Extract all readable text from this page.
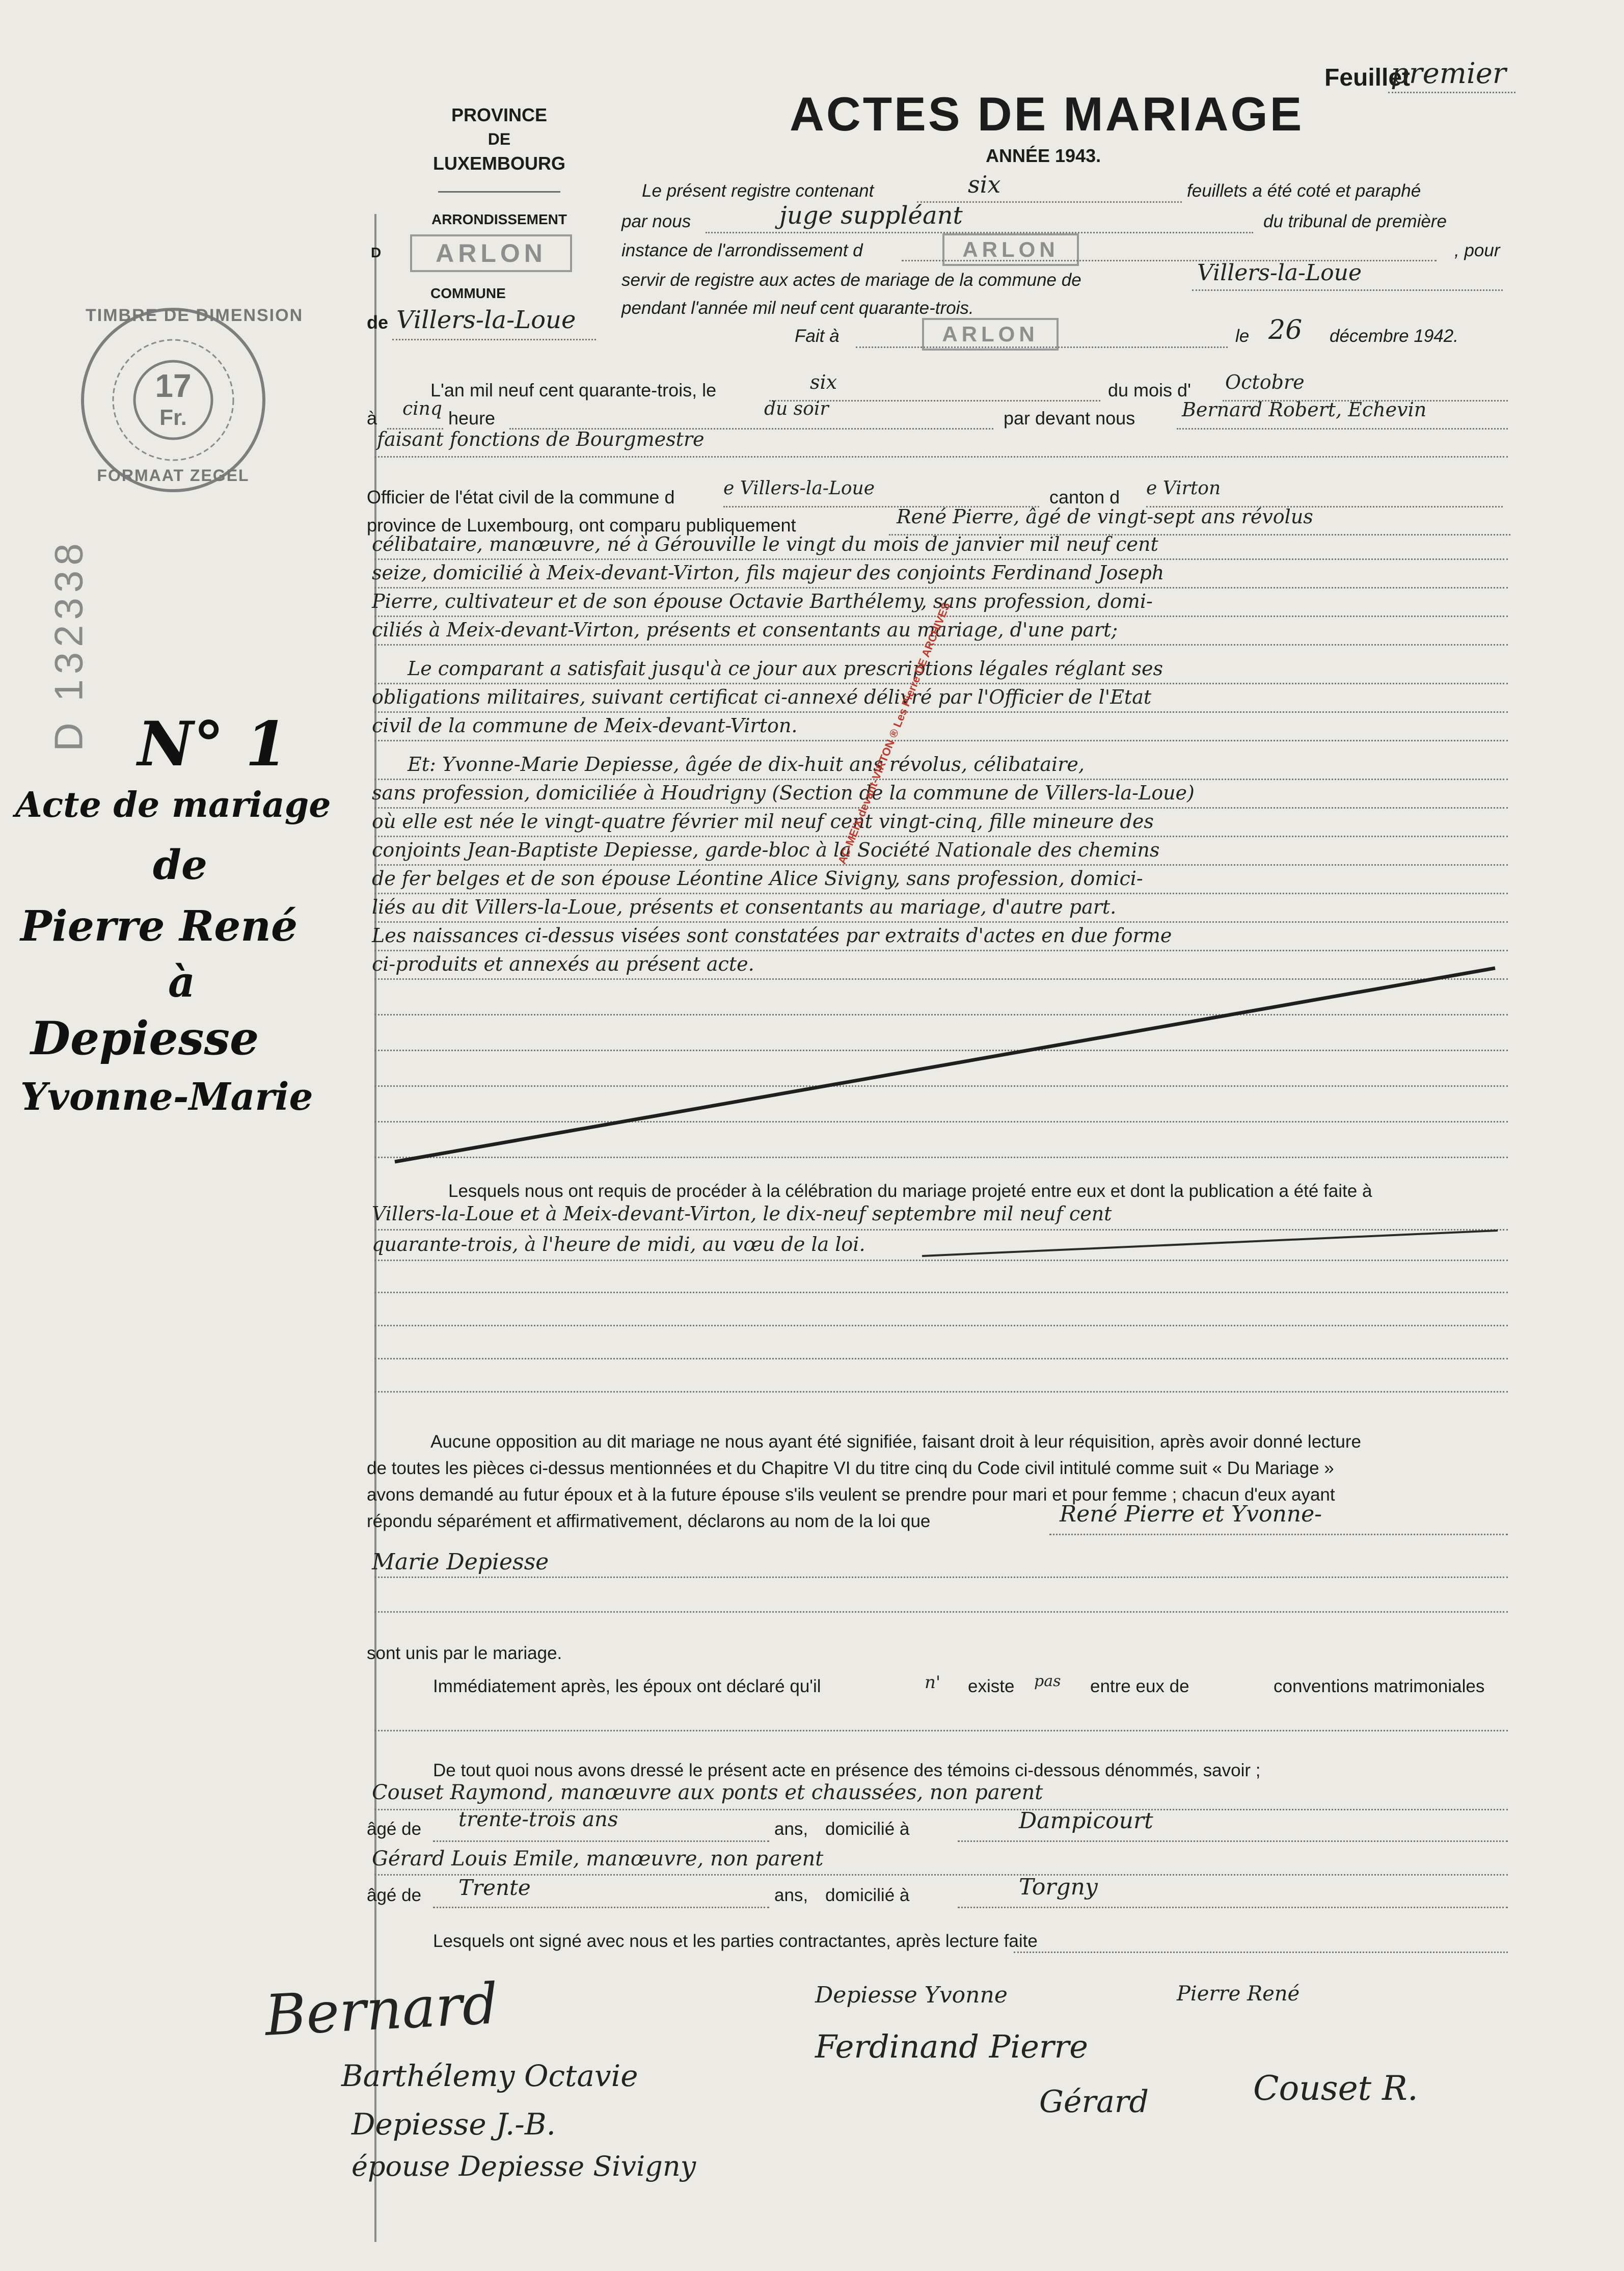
Feuillet
premier
PROVINCE
DE
LUXEMBOURG
ARRONDISSEMENT
D	ARLON
COMMUNE
de Villers-la-Loue
ACTES DE MARIAGE
ANNÉE 1943.
TIMBRE DE DIMENSION
17
Fr.
FORMAAT ZEGEL
D 132338
Le présent registre contenant	six	feuillets a été coté et paraphé
par nous	juge suppléant	du tribunal de première
instance de l'arrondissement d	ARLON	, pour
servir de registre aux actes de mariage de la commune de	Villers-la-Loue
pendant l'année mil neuf cent quarante-trois.
Fait à	ARLON	le 26 décembre 1942.
L'an mil neuf cent quarante-trois, le	six	du mois d' Octobre
à cinq heure	du soir	par devant nous Bernard Robert, Echevin
faisant fonctions de Bourgmestre
Officier de l'état civil de la commune d	e Villers-la-Loue	canton d e Virton
province de Luxembourg, ont comparu publiquement	René Pierre, âgé de vingt-sept ans révolus
célibataire, manœuvre, né à Gérouville le vingt du mois de janvier mil neuf cent
seize, domicilié à Meix-devant-Virton, fils majeur des conjoints Ferdinand Joseph
Pierre, cultivateur et de son épouse Octavie Barthélemy, sans profession, domi-
ciliés à Meix-devant-Virton, présents et consentants au mariage, d'une part;
Le comparant a satisfait jusqu'à ce jour aux prescriptions légales réglant ses
obligations militaires, suivant certificat ci-annexé délivré par l'Officier de l'Etat
civil de la commune de Meix-devant-Virton.
Et: Yvonne-Marie Depiesse, âgée de dix-huit ans révolus, célibataire,
sans profession, domiciliée à Houdrigny (Section de la commune de Villers-la-Loue)
où elle est née le vingt-quatre février mil neuf cent vingt-cinq, fille mineure des
conjoints Jean-Baptiste Depiesse, garde-bloc à la Société Nationale des chemins
de fer belges et de son épouse Léontine Alice Sivigny, sans profession, domici-
liés au dit Villers-la-Loue, présents et consentants au mariage, d'autre part.
Les naissances ci-dessus visées sont constatées par extraits d'actes en due forme
ci-produits et annexés au présent acte.
AC-MEIX-devant-VIRTON ® Les Pierre DE ARCHIVES
N° 1
Acte de mariage
de
Pierre René
à
Depiesse
Yvonne-Marie
Lesquels nous ont requis de procéder à la célébration du mariage projeté entre eux et dont la publication a été faite à
Villers-la-Loue et à Meix-devant-Virton, le dix-neuf septembre mil neuf cent
quarante-trois, à l'heure de midi, au vœu de la loi.
Aucune opposition au dit mariage ne nous ayant été signifiée, faisant droit à leur réquisition, après avoir donné lecture
de toutes les pièces ci-dessus mentionnées et du Chapitre VI du titre cinq du Code civil intitulé comme suit « Du Mariage »
avons demandé au futur époux et à la future épouse s'ils veulent se prendre pour mari et pour femme ; chacun d'eux ayant
répondu séparément et affirmativement, déclarons au nom de la loi que	René Pierre et Yvonne-
Marie Depiesse
sont unis par le mariage.
Immédiatement après, les époux ont déclaré qu'il	n' existe pas entre eux de	conventions matrimoniales
De tout quoi nous avons dressé le présent acte en présence des témoins ci-dessous dénommés, savoir ;
Couset Raymond, manœuvre aux ponts et chaussées, non parent
âgé de trente-trois ans	ans, domicilié à	Dampicourt
Gérard Louis Emile, manœuvre, non parent
âgé de Trente	ans, domicilié à	Torgny
Lesquels ont signé avec nous et les parties contractantes, après lecture faite
Bernard	Depiesse Yvonne	Pierre René
Ferdinand Pierre
Barthélemy Octavie
Depiesse J.-B.
épouse Depiesse Sivigny
Gérard	Couset R.
